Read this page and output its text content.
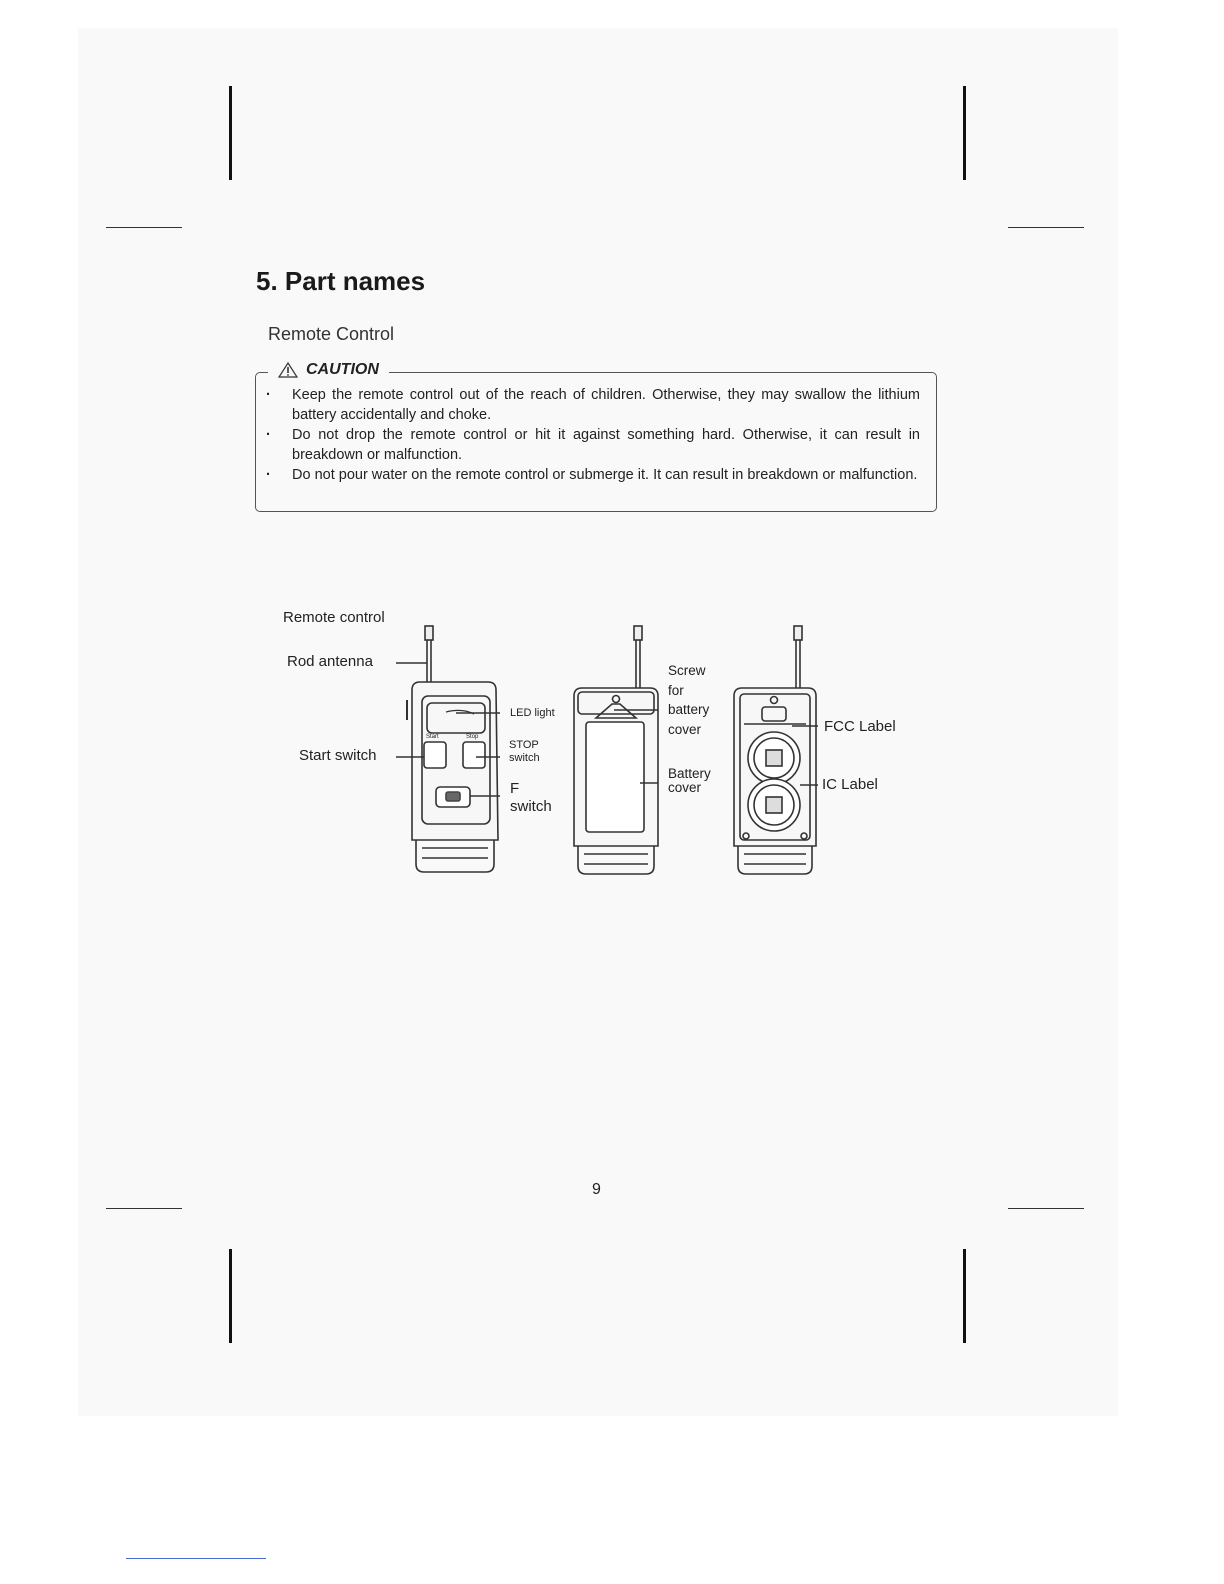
5. Part names
Remote Control
CAUTION
· Keep the remote control out of the reach of children. Otherwise, they may swallow the lithium battery accidentally and choke.
· Do not drop the remote control or hit it against something hard. Otherwise, it can result in breakdown or malfunction.
· Do not pour water on the remote control or submerge it. It can result in breakdown or malfunction.
Remote control
Rod antenna
Start switch
LED light
STOP
switch
F
switch
Screw
for
battery
cover
Battery
cover
FCC Label
IC Label
Start	Stop
9
